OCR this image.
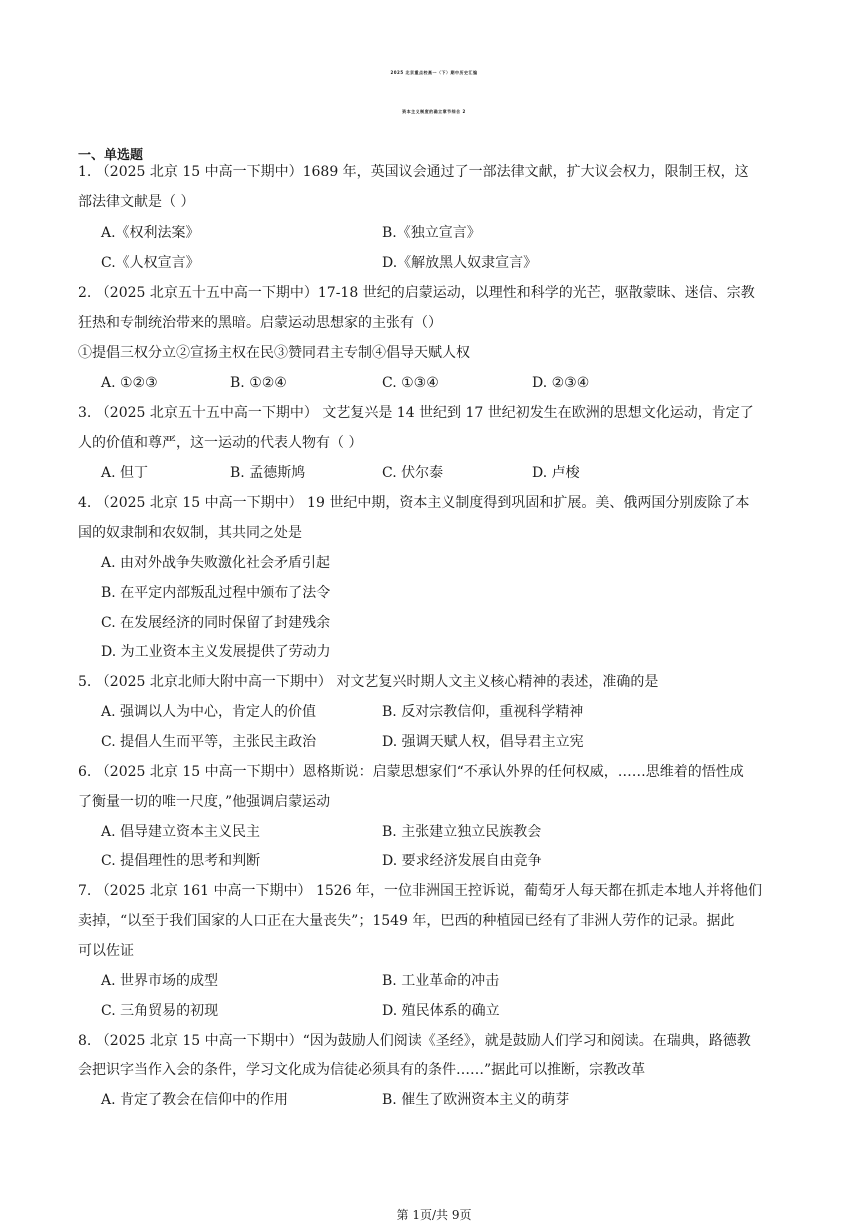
2025 北京重点校高一（下）期中历史汇编
资本主义制度的确立章节综合 2
一、单选题
1. （2025 北京 15 中高一下期中）1689 年，英国议会通过了一部法律文献，扩大议会权力，限制王权，这
部法律文献是（ ）
A.《权利法案》	B.《独立宣言》
C.《人权宣言》	D.《解放黑人奴隶宣言》
2. （2025 北京五十五中高一下期中）17-18 世纪的启蒙运动，以理性和科学的光芒，驱散蒙昧、迷信、宗教
狂热和专制统治带来的黑暗。启蒙运动思想家的主张有（）
①提倡三权分立②宣扬主权在民③赞同君主专制④倡导天赋人权
A. ①②③	B. ①②④	C. ①③④	D. ②③④
3. （2025 北京五十五中高一下期中） 文艺复兴是 14 世纪到 17 世纪初发生在欧洲的思想文化运动，肯定了
人的价值和尊严，这一运动的代表人物有（ ）
A. 但丁	B. 孟德斯鸠	C. 伏尔泰	D. 卢梭
4. （2025 北京 15 中高一下期中） 19 世纪中期，资本主义制度得到巩固和扩展。美、俄两国分别废除了本
国的奴隶制和农奴制，其共同之处是
A. 由对外战争失败激化社会矛盾引起
B. 在平定内部叛乱过程中颁布了法令
C. 在发展经济的同时保留了封建残余
D. 为工业资本主义发展提供了劳动力
5. （2025 北京北师大附中高一下期中） 对文艺复兴时期人文主义核心精神的表述，准确的是
A. 强调以人为中心，肯定人的价值	B. 反对宗教信仰，重视科学精神
C. 提倡人生而平等，主张民主政治	D. 强调天赋人权，倡导君主立宪
6. （2025 北京 15 中高一下期中）恩格斯说：启蒙思想家们“不承认外界的任何权威，……思维着的悟性成
了衡量一切的唯一尺度，”他强调启蒙运动
A. 倡导建立资本主义民主	B. 主张建立独立民族教会
C. 提倡理性的思考和判断	D. 要求经济发展自由竞争
7. （2025 北京 161 中高一下期中） 1526 年，一位非洲国王控诉说，葡萄牙人每天都在抓走本地人并将他们
卖掉，“以至于我们国家的人口正在大量丧失”；1549 年，巴西的种植园已经有了非洲人劳作的记录。据此
可以佐证
A. 世界市场的成型	B. 工业革命的冲击
C. 三角贸易的初现	D. 殖民体系的确立
8. （2025 北京 15 中高一下期中）“因为鼓励人们阅读《圣经》，就是鼓励人们学习和阅读。在瑞典，路德教
会把识字当作入会的条件，学习文化成为信徒必须具有的条件……”据此可以推断，宗教改革
A. 肯定了教会在信仰中的作用	B. 催生了欧洲资本主义的萌芽
第 1页/共 9页
